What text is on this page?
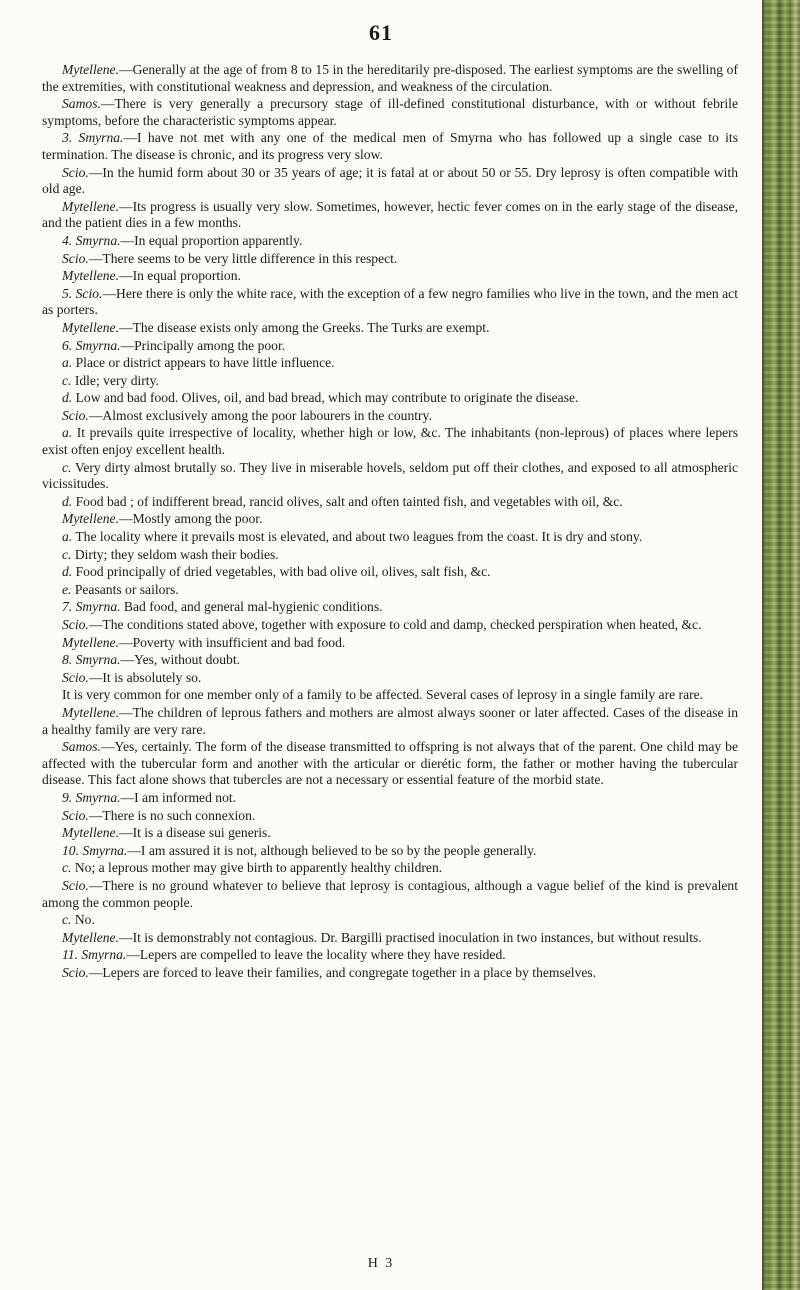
61

Mytellene.—Generally at the age of from 8 to 15 in the hereditarily pre-disposed. The earliest symptoms are the swelling of the extremities, with constitutional weakness and depression, and weakness of the circulation.

Samos.—There is very generally a precursory stage of ill-defined constitutional disturbance, with or without febrile symptoms, before the characteristic symptoms appear.

3. Smyrna.—I have not met with any one of the medical men of Smyrna who has followed up a single case to its termination. The disease is chronic, and its progress very slow.

Scio.—In the humid form about 30 or 35 years of age; it is fatal at or about 50 or 55. Dry leprosy is often compatible with old age.

Mytellene.—Its progress is usually very slow. Sometimes, however, hectic fever comes on in the early stage of the disease, and the patient dies in a few months.

4. Smyrna.—In equal proportion apparently.

Scio.—There seems to be very little difference in this respect.

Mytellene.—In equal proportion.

5. Scio.—Here there is only the white race, with the exception of a few negro families who live in the town, and the men act as porters.

Mytellene.—The disease exists only among the Greeks. The Turks are exempt.

6. Smyrna.—Principally among the poor.

a. Place or district appears to have little influence.

c. Idle; very dirty.

d. Low and bad food. Olives, oil, and bad bread, which may contribute to originate the disease.

Scio.—Almost exclusively among the poor labourers in the country.

a. It prevails quite irrespective of locality, whether high or low, &c. The inhabitants (non-leprous) of places where lepers exist often enjoy excellent health.

c. Very dirty almost brutally so. They live in miserable hovels, seldom put off their clothes, and exposed to all atmospheric vicissitudes.

d. Food bad ; of indifferent bread, rancid olives, salt and often tainted fish, and vegetables with oil, &c.

Mytellene.—Mostly among the poor.

a. The locality where it prevails most is elevated, and about two leagues from the coast. It is dry and stony.

c. Dirty; they seldom wash their bodies.

d. Food principally of dried vegetables, with bad olive oil, olives, salt fish, &c.

e. Peasants or sailors.

7. Smyrna. Bad food, and general mal-hygienic conditions.

Scio.—The conditions stated above, together with exposure to cold and damp, checked perspiration when heated, &c.

Mytellene.—Poverty with insufficient and bad food.

8. Smyrna.—Yes, without doubt.

Scio.—It is absolutely so.

It is very common for one member only of a family to be affected. Several cases of leprosy in a single family are rare.

Mytellene.—The children of leprous fathers and mothers are almost always sooner or later affected. Cases of the disease in a healthy family are very rare.

Samos.—Yes, certainly. The form of the disease transmitted to offspring is not always that of the parent. One child may be affected with the tubercular form and another with the articular or dierétic form, the father or mother having the tubercular disease. This fact alone shows that tubercles are not a necessary or essential feature of the morbid state.

9. Smyrna.—I am informed not.

Scio.—There is no such connexion.

Mytellene.—It is a disease sui generis.

10. Smyrna.—I am assured it is not, although believed to be so by the people generally.

c. No; a leprous mother may give birth to apparently healthy children.

Scio.—There is no ground whatever to believe that leprosy is contagious, although a vague belief of the kind is prevalent among the common people.

c. No.

Mytellene.—It is demonstrably not contagious. Dr. Bargilli practised inoculation in two instances, but without results.

11. Smyrna.—Lepers are compelled to leave the locality where they have resided.

Scio.—Lepers are forced to leave their families, and congregate together in a place by themselves.

H 3
